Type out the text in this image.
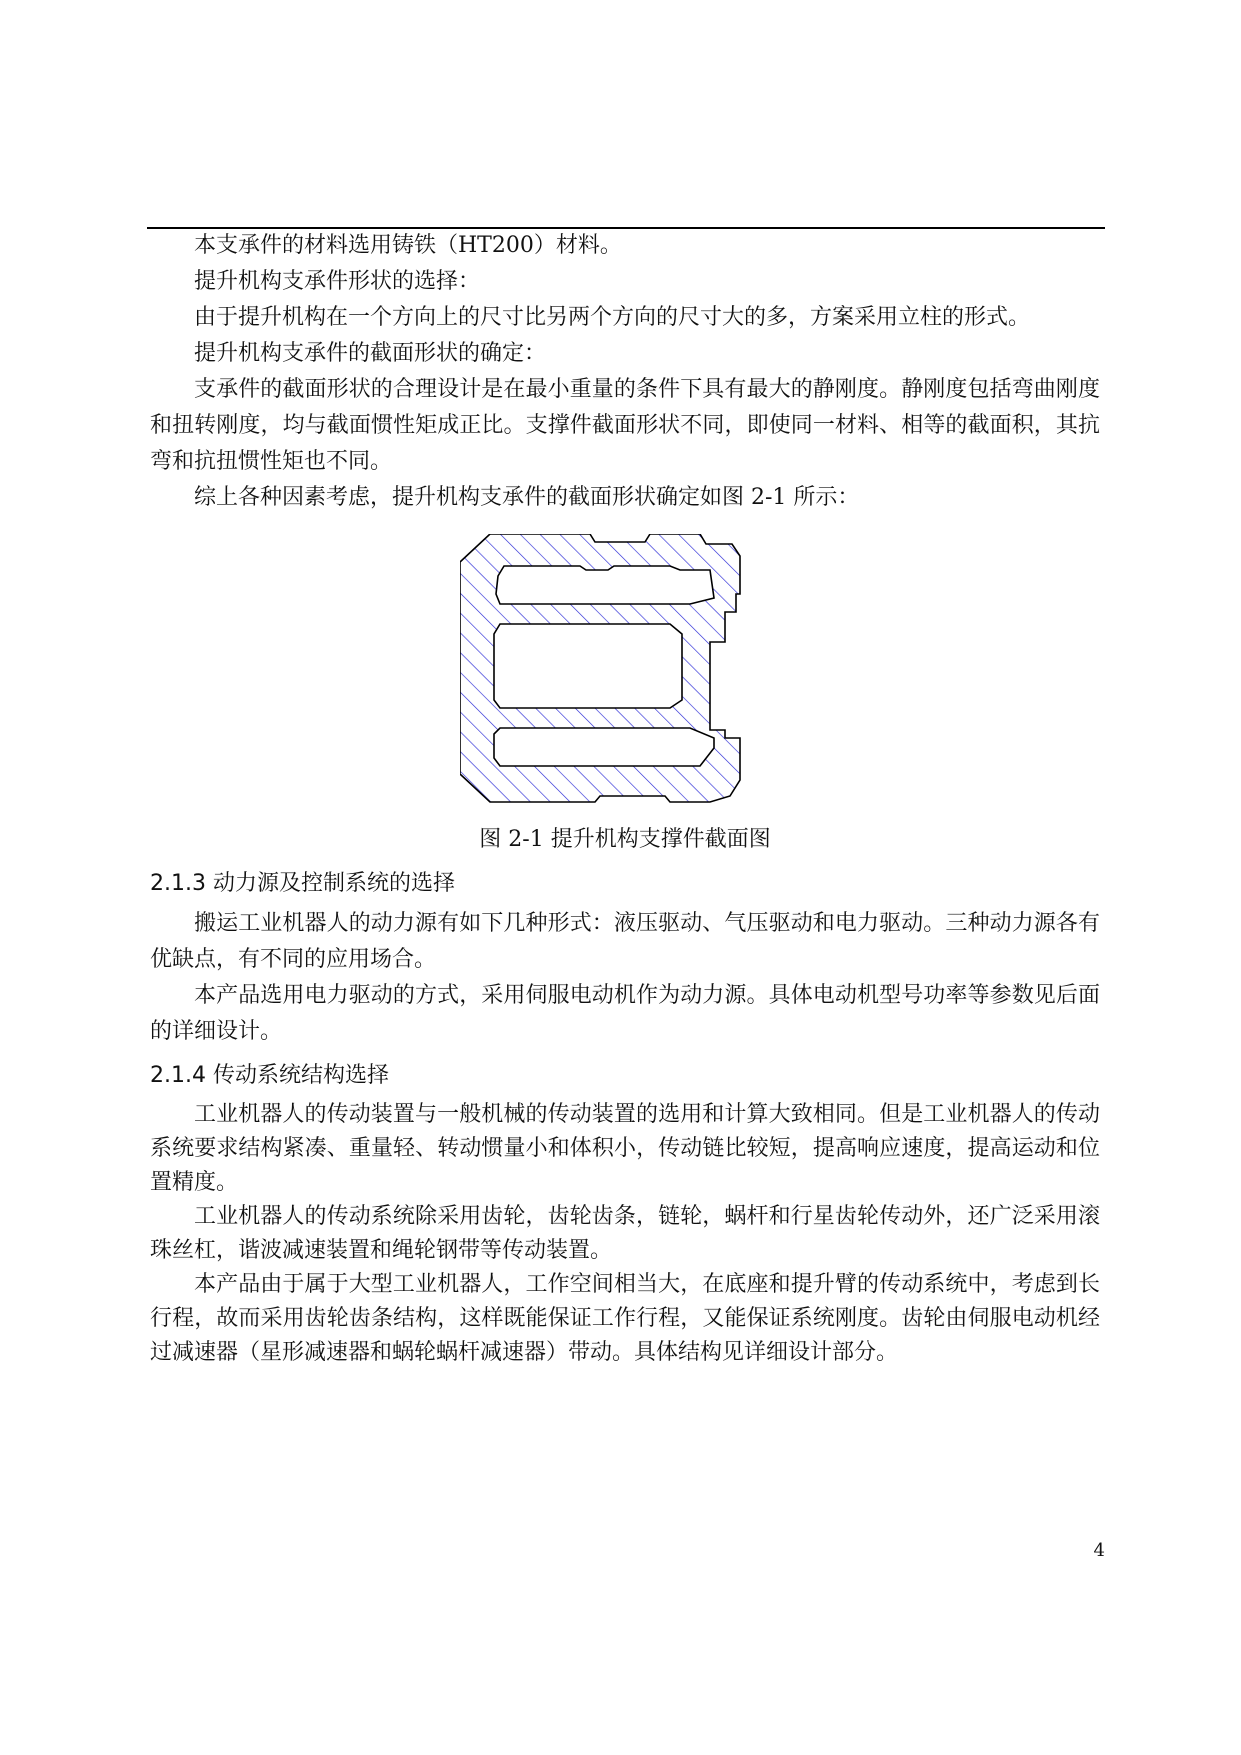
本支承件的材料选用铸铁（HT200）材料。

提升机构支承件形状的选择：

由于提升机构在一个方向上的尺寸比另两个方向的尺寸大的多，方案采用立柱的形式。

提升机构支承件的截面形状的确定：

支承件的截面形状的合理设计是在最小重量的条件下具有最大的静刚度。静刚度包括弯曲刚度和扭转刚度，均与截面惯性矩成正比。支撑件截面形状不同，即使同一材料、相等的截面积，其抗弯和抗扭惯性矩也不同。

综上各种因素考虑，提升机构支承件的截面形状确定如图 2-1 所示：

图 2-1 提升机构支撑件截面图

2.1.3 动力源及控制系统的选择

搬运工业机器人的动力源有如下几种形式：液压驱动、气压驱动和电力驱动。三种动力源各有优缺点，有不同的应用场合。

本产品选用电力驱动的方式，采用伺服电动机作为动力源。具体电动机型号功率等参数见后面的详细设计。

2.1.4 传动系统结构选择

工业机器人的传动装置与一般机械的传动装置的选用和计算大致相同。但是工业机器人的传动系统要求结构紧凑、重量轻、转动惯量小和体积小，传动链比较短，提高响应速度，提高运动和位置精度。

工业机器人的传动系统除采用齿轮，齿轮齿条，链轮，蜗杆和行星齿轮传动外，还广泛采用滚珠丝杠，谐波减速装置和绳轮钢带等传动装置。

本产品由于属于大型工业机器人，工作空间相当大，在底座和提升臂的传动系统中，考虑到长行程，故而采用齿轮齿条结构，这样既能保证工作行程，又能保证系统刚度。齿轮由伺服电动机经过减速器（星形减速器和蜗轮蜗杆减速器）带动。具体结构见详细设计部分。

4
